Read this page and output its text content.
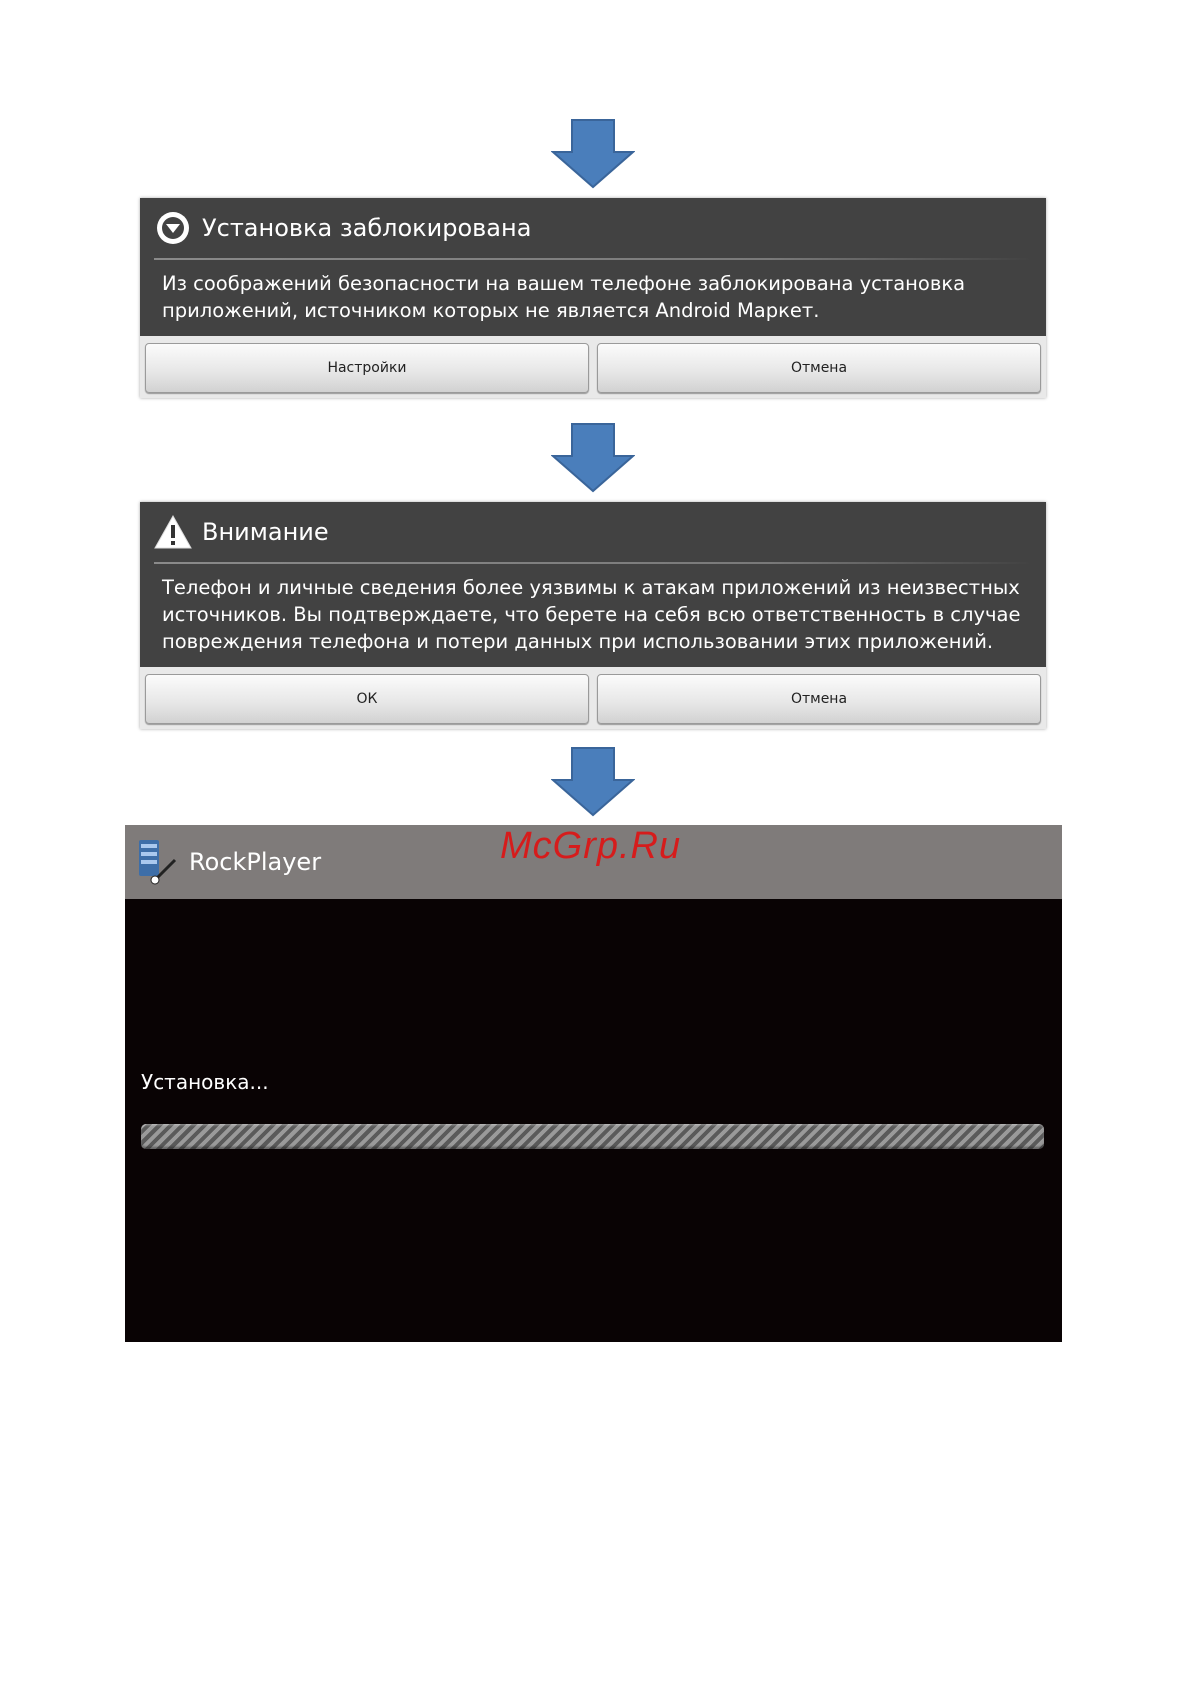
Установка заблокирована
Из соображений безопасности на вашем телефоне заблокирована установка
приложений, источником которых не является Android Маркет.
Настройки	Отмена
Внимание
Телефон и личные сведения более уязвимы к атакам приложений из неизвестных
источников. Вы подтверждаете, что берете на себя всю ответственность в случае
повреждения телефона и потери данных при использовании этих приложений.
ОК	Отмена
RockPlayer	McGrp.Ru
Установка...
